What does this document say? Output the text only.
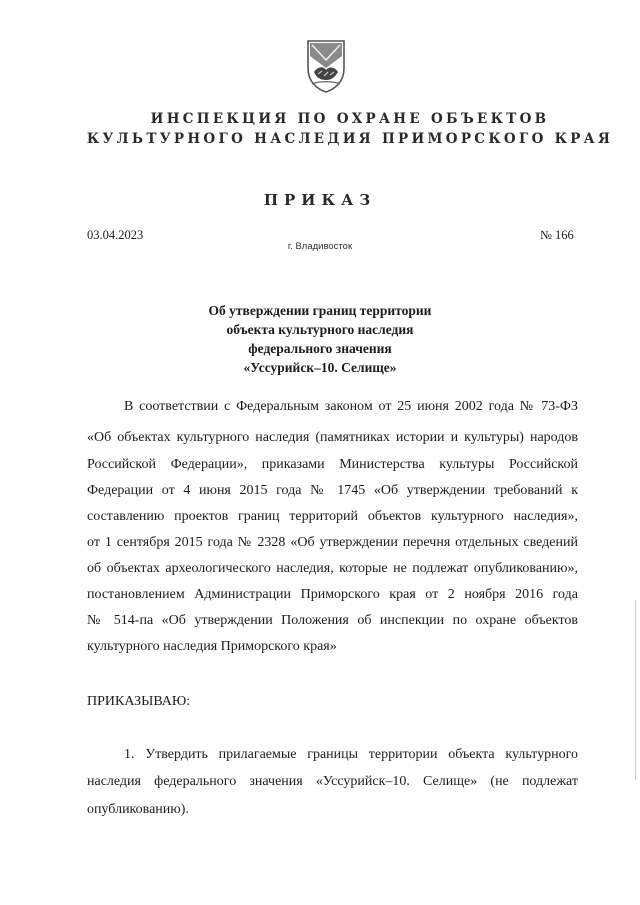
ИНСПЕКЦИЯ ПО ОХРАНЕ ОБЪЕКТОВ
КУЛЬТУРНОГО НАСЛЕДИЯ ПРИМОРСКОГО КРАЯ
ПРИКАЗ
03.04.2023	№ 166
г. Владивосток
Об утверждении границ территории
объекта культурного наследия
федерального значения
«Уссурийск–10. Селище»
В соответствии с Федеральным законом от 25 июня 2002 года № 73-ФЗ
«Об объектах культурного наследия (памятниках истории и культуры) народов
Российской Федерации», приказами Министерства культуры Российской
Федерации от 4 июня 2015 года № 1745 «Об утверждении требований к
составлению проектов границ территорий объектов культурного наследия»,
от 1 сентября 2015 года № 2328 «Об утверждении перечня отдельных сведений
об объектах археологического наследия, которые не подлежат опубликованию»,
постановлением Администрации Приморского края от 2 ноября 2016 года
№ 514-па «Об утверждении Положения об инспекции по охране объектов
культурного наследия Приморского края»
ПРИКАЗЫВАЮ:
1. Утвердить прилагаемые границы территории объекта культурного
наследия федерального значения «Уссурийск–10. Селище» (не подлежат
опубликованию).
